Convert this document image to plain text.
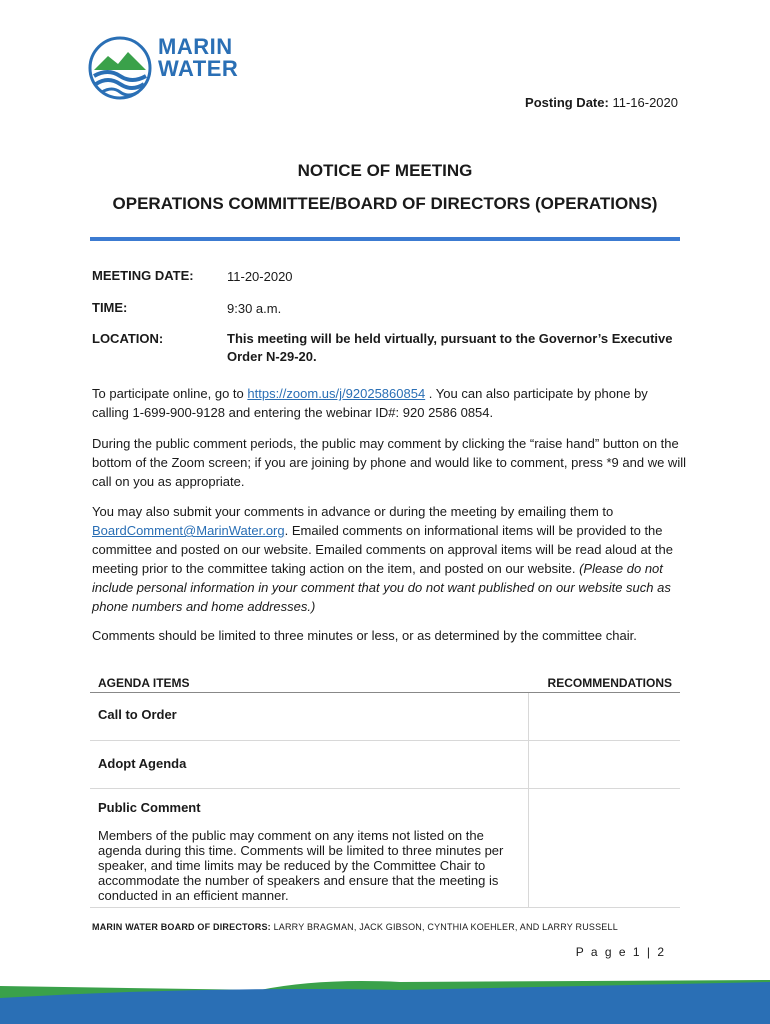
MARIN
WATER
Posting Date: 11-16-2020
NOTICE OF MEETING
OPERATIONS COMMITTEE/BOARD OF DIRECTORS (OPERATIONS)
MEETING DATE:	11-20-2020
TIME:	9:30 a.m.
LOCATION:	This meeting will be held virtually, pursuant to the Governor’s Executive Order N-29-20.
To participate online, go to https://zoom.us/j/92025860854 . You can also participate by phone by calling 1-699-900-9128 and entering the webinar ID#: 920 2586 0854.
During the public comment periods, the public may comment by clicking the “raise hand” button on the bottom of the Zoom screen; if you are joining by phone and would like to comment, press *9 and we will call on you as appropriate.
You may also submit your comments in advance or during the meeting by emailing them to BoardComment@MarinWater.org. Emailed comments on informational items will be provided to the committee and posted on our website. Emailed comments on approval items will be read aloud at the meeting prior to the committee taking action on the item, and posted on our website. (Please do not include personal information in your comment that you do not want published on our website such as phone numbers and home addresses.)
Comments should be limited to three minutes or less, or as determined by the committee chair.
AGENDA ITEMS	RECOMMENDATIONS
Call to Order
Adopt Agenda
Public Comment
Members of the public may comment on any items not listed on the agenda during this time. Comments will be limited to three minutes per speaker, and time limits may be reduced by the Committee Chair to accommodate the number of speakers and ensure that the meeting is conducted in an efficient manner.
MARIN WATER BOARD OF DIRECTORS: LARRY BRAGMAN, JACK GIBSON, CYNTHIA KOEHLER, AND LARRY RUSSELL
P a g e 1 | 2
